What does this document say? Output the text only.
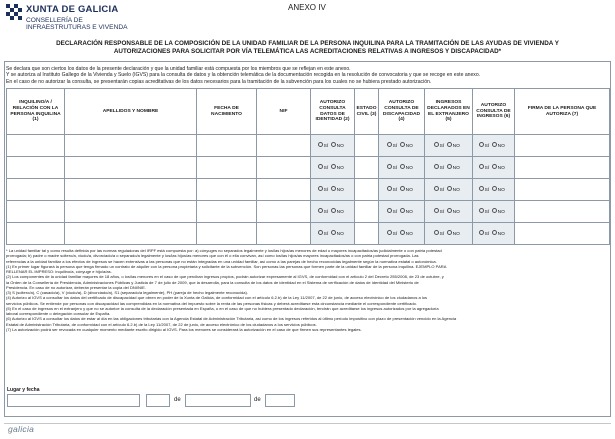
XUNTA DE GALICIA
CONSELLERÍA DE
INFRAESTRUTURAS E VIVENDA
ANEXO IV
DECLARACIÓN RESPONSABLE DE LA COMPOSICIÓN DE LA UNIDAD FAMILIAR DE LA PERSONA INQUILINA PARA LA TRAMITACIÓN DE LAS AYUDAS DE VIVIENDA Y
AUTORIZACIONES PARA SOLICITAR POR VÍA TELEMÁTICA LAS ACREDITACIONES RELATIVAS A INGRESOS Y DISCAPACIDAD*
Se declara que son ciertos los datos de la presente declaración y que la unidad familiar está compuesta por los miembros que se reflejan en este anexo.
Y se autoriza al Instituto Gallego de la Vivienda y Suelo (IGVS) para la consulta de datos y la obtención telemática de la documentación recogida en la resolución de convocatoria y que se recoge en este anexo.
En el caso de no autorizar la consulta, se presentarán copias acreditativas de los datos necesarios para la tramitación de la subvención para los cuales no se hubiera prestado autorización.
INQUILINO/A / RELACIÓN CON LA PERSONA INQUILINA (1)	APELLIDOS Y NOMBRE	FECHA DE NACIMIENTO	NIF	AUTORIZO CONSULTA DATOS DE IDENTIDAD (2)	ESTADO CIVIL (3)	AUTORIZO CONSULTA DE DISCAPACIDAD (4)	INGRESOS DECLARADOS EN EL EXTRANJERO (5)	AUTORIZO CONSULTA DE INGRESOS (6)	FIRMA DE LA PERSONA QUE AUTORIZA (7)
				SÍ NO		SÍ NO	SÍ NO	SÍ NO	
				SÍ NO		SÍ NO	SÍ NO	SÍ NO	
				SÍ NO		SÍ NO	SÍ NO	SÍ NO	
				SÍ NO		SÍ NO	SÍ NO	SÍ NO	
				SÍ NO		SÍ NO	SÍ NO	SÍ NO	
* La unidad familiar tal y como resulta definida por las normas reguladoras del IRPF está compuesta por: a) cónyuges no separados legalmente y los/las hijos/as menores de edad o mayores incapacitados/as judicialmente o con patria potestad
prorrogada; b) padre o madre soltero/a, viudo/a, divorciado/a o separado/a legalmente y los/las hijos/as menores que con él o ella convivan, así como los/las hijos/as mayores incapacitados/as o con patria potestad prorrogada. Las
referencias a la unidad familiar a los efectos de ingresos se hacen extensivas a las personas que no están integradas en una unidad familiar, así como a las parejas de hecho reconocidas legalmente según la normativa estatal o autonómica.
(1) En primer lugar figurará la persona que tenga firmado un contrato de alquiler con la persona propietaria y solicitante de la subvención. Son personas las personas que formen parte de la unidad familiar de la persona inquilina. EJEMPLO PARA
RELLENAR EL IMPRESO: inquilino/a, cónyuge e hijo/a/as.
(2) Los componentes de la unidad familiar mayores de 18 años, o los/las menores en el caso de que perciban ingresos propios, podrán autorizar expresamente al IGVS, de conformidad con el artículo 2 del Decreto 255/2008, de 23 de octubre, y
la Orden de la Consellería de Presidencia, Administraciones Públicas y Justicia de 7 de julio de 2009, que la desarrolla, para la consulta de los datos de identidad en el Sistema de verificación de datos de identidad del Ministerio de
Presidencia. En caso de no autorizar, deberán presentar la copia del DNI/NIE.
(3) S (soltero/a), C (casado/a), V (viudo/a), D (divorciado/a), S1 (separado/a legalmente), PH (pareja de hecho legalmente reconocida).
(4) Autorizo al IGVS a consultar los datos del certificado de discapacidad que obren en poder de la Xunta de Galicia, de conformidad con el artículo 6.2.b) de la Ley 11/2007, de 22 de junio, de acceso electrónico de los ciudadanos a los
servicios públicos. Se entiende por personas con discapacidad las comprendidas en la normativa del impuesto sobre la renta de las personas físicas y deberá acreditarse esta circunstancia mediante el correspondiente certificado.
(5) En el caso de ingresos en el extranjero y que no se autorice la consulta de la declaración presentada en España, o en el caso de que no hubiera presentado declaración, tendrán que acreditarse los ingresos autorizados por la agregaduría
laboral correspondiente o delegación consular de España.
(6) Autorizo al IGVS a consultar los datos de estar al día en las obligaciones tributarias con la Agencia Estatal de Administración Tributaria, así como de los ingresos referidos al último período impositivo con plazo de presentación vencido en la Agencia
Estatal de Administración Tributaria, de conformidad con el artículo 6.2.b) de la Ley 11/2007, de 22 de junio, de acceso electrónico de los ciudadanos a los servicios públicos.
(7) La autorización podrá ser revocada en cualquier momento mediante escrito dirigido al IGVS. Para los menores se considerará la autorización en el caso de que firmen sus representantes legales.
Lugar y fecha
de	de
galicia
